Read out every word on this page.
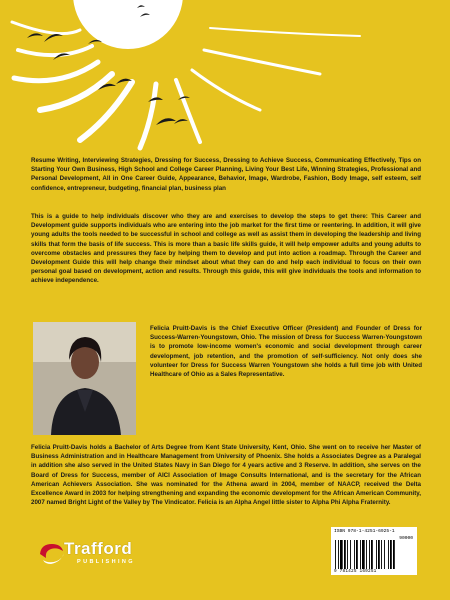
Resume Writing, Interviewing Strategies, Dressing for Success, Dressing to Achieve Success, Communicating Effectively, Tips on Starting Your Own Business, High School and College Career Planning, Living Your Best Life, Winning Strategies, Professional and Personal Development, All in One Career Guide, Appearance, Behavior, Image, Wardrobe, Fashion, Body Image, self esteem, self confidence, entrepreneur, budgeting, financial plan, business plan
This is a guide to help individuals discover who they are and exercises to develop the steps to get there: This Career and Development guide supports individuals who are entering into the job market for the first time or reentering. In addition, it will give young adults the tools needed to be successful in school and college as well as assist them in developing the leadership and living skills that form the basis of life success. This is more than a basic life skills guide, it will help empower adults and young adults to overcome obstacles and pressures they face by helping them to develop and put into action a roadmap. Through the Career and Development Guide this will help change their mindset about what they can do and help each individual to focus on their own personal goal based on development, action and results. Through this guide, this will give individuals the tools and information to achieve independence.
Felicia Pruitt-Davis is the Chief Executive Officer (President) and Founder of Dress for Success-Warren-Youngstown, Ohio. The mission of Dress for Success Warren-Youngstown is to promote low-income women's economic and social development through career development, job retention, and the promotion of self-sufficiency. Not only does she volunteer for Dress for Success Warren Youngstown she holds a full time job with United Healthcare of Ohio as a Sales Representative.
Felicia Pruitt-Davis holds a Bachelor of Arts Degree from Kent State University, Kent, Ohio. She went on to receive her Master of Business Administration and in Healthcare Management from University of Phoenix. She holds a Associates Degree as a Paralegal in addition she also served in the United States Navy in San Diego for 4 years active and 3 Reserve. In addition, she serves on the Board of Dress for Success, member of AICI Association of Image Consults International, and is the secretary for the African American Achievers Association. She was nominated for the Athena award in 2004, member of NAACP, received the Delta Excellence Award in 2003 for helping strengthening and expanding the economic development for the African American Community, 2007 named Bright Light of the Valley by The Vindicator. Felicia is an Alpha Angel little sister to Alpha Phi Alpha Fraternity.
Trafford
PUBLISHING
ISBN 978-1-4251-6925-1
90000
9 781425 169251
